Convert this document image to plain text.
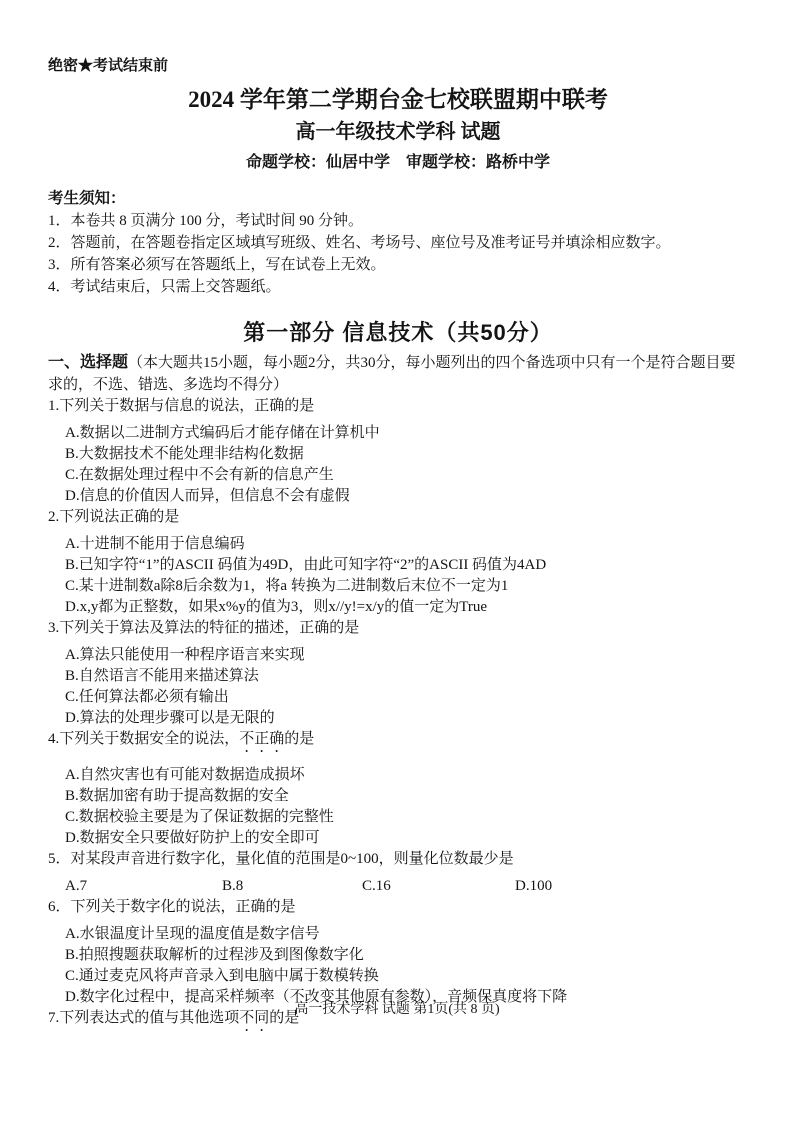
绝密★考试结束前
2024 学年第二学期台金七校联盟期中联考
高一年级技术学科 试题
命题学校：仙居中学　审题学校：路桥中学
考生须知：
1．本卷共 8 页满分 100 分，考试时间 90 分钟。
2．答题前，在答题卷指定区域填写班级、姓名、考场号、座位号及准考证号并填涂相应数字。
3．所有答案必须写在答题纸上，写在试卷上无效。
4．考试结束后，只需上交答题纸。
第一部分 信息技术（共50分）
一、选择题（本大题共15小题，每小题2分，共30分，每小题列出的四个备选项中只有一个是符合题目要求的，不选、错选、多选均不得分）
1.下列关于数据与信息的说法，正确的是
A.数据以二进制方式编码后才能存储在计算机中
B.大数据技术不能处理非结构化数据
C.在数据处理过程中不会有新的信息产生
D.信息的价值因人而异，但信息不会有虚假
2.下列说法正确的是
A.十进制不能用于信息编码
B.已知字符“1”的ASCII 码值为49D，由此可知字符“2”的ASCII 码值为4AD
C.某十进制数a除8后余数为1，将a 转换为二进制数后末位不一定为1
D.x,y都为正整数，如果x%y的值为3，则x//y!=x/y的值一定为True
3.下列关于算法及算法的特征的描述，正确的是
A.算法只能使用一种程序语言来实现
B.自然语言不能用来描述算法
C.任何算法都必须有输出
D.算法的处理步骤可以是无限的
4.下列关于数据安全的说法，不正确的是
A.自然灾害也有可能对数据造成损坏
B.数据加密有助于提高数据的安全
C.数据校验主要是为了保证数据的完整性
D.数据安全只要做好防护上的安全即可
5．对某段声音进行数字化，量化值的范围是0~100，则量化位数最少是
A.7	B.8	C.16	D.100
6．下列关于数字化的说法，正确的是
A.水银温度计呈现的温度值是数字信号
B.拍照搜题获取解析的过程涉及到图像数字化
C.通过麦克风将声音录入到电脑中属于数模转换
D.数字化过程中，提高采样频率（不改变其他原有参数），音频保真度将下降
7.下列表达式的值与其他选项不同的是
高一技术学科 试题 第1页(共 8 页)
